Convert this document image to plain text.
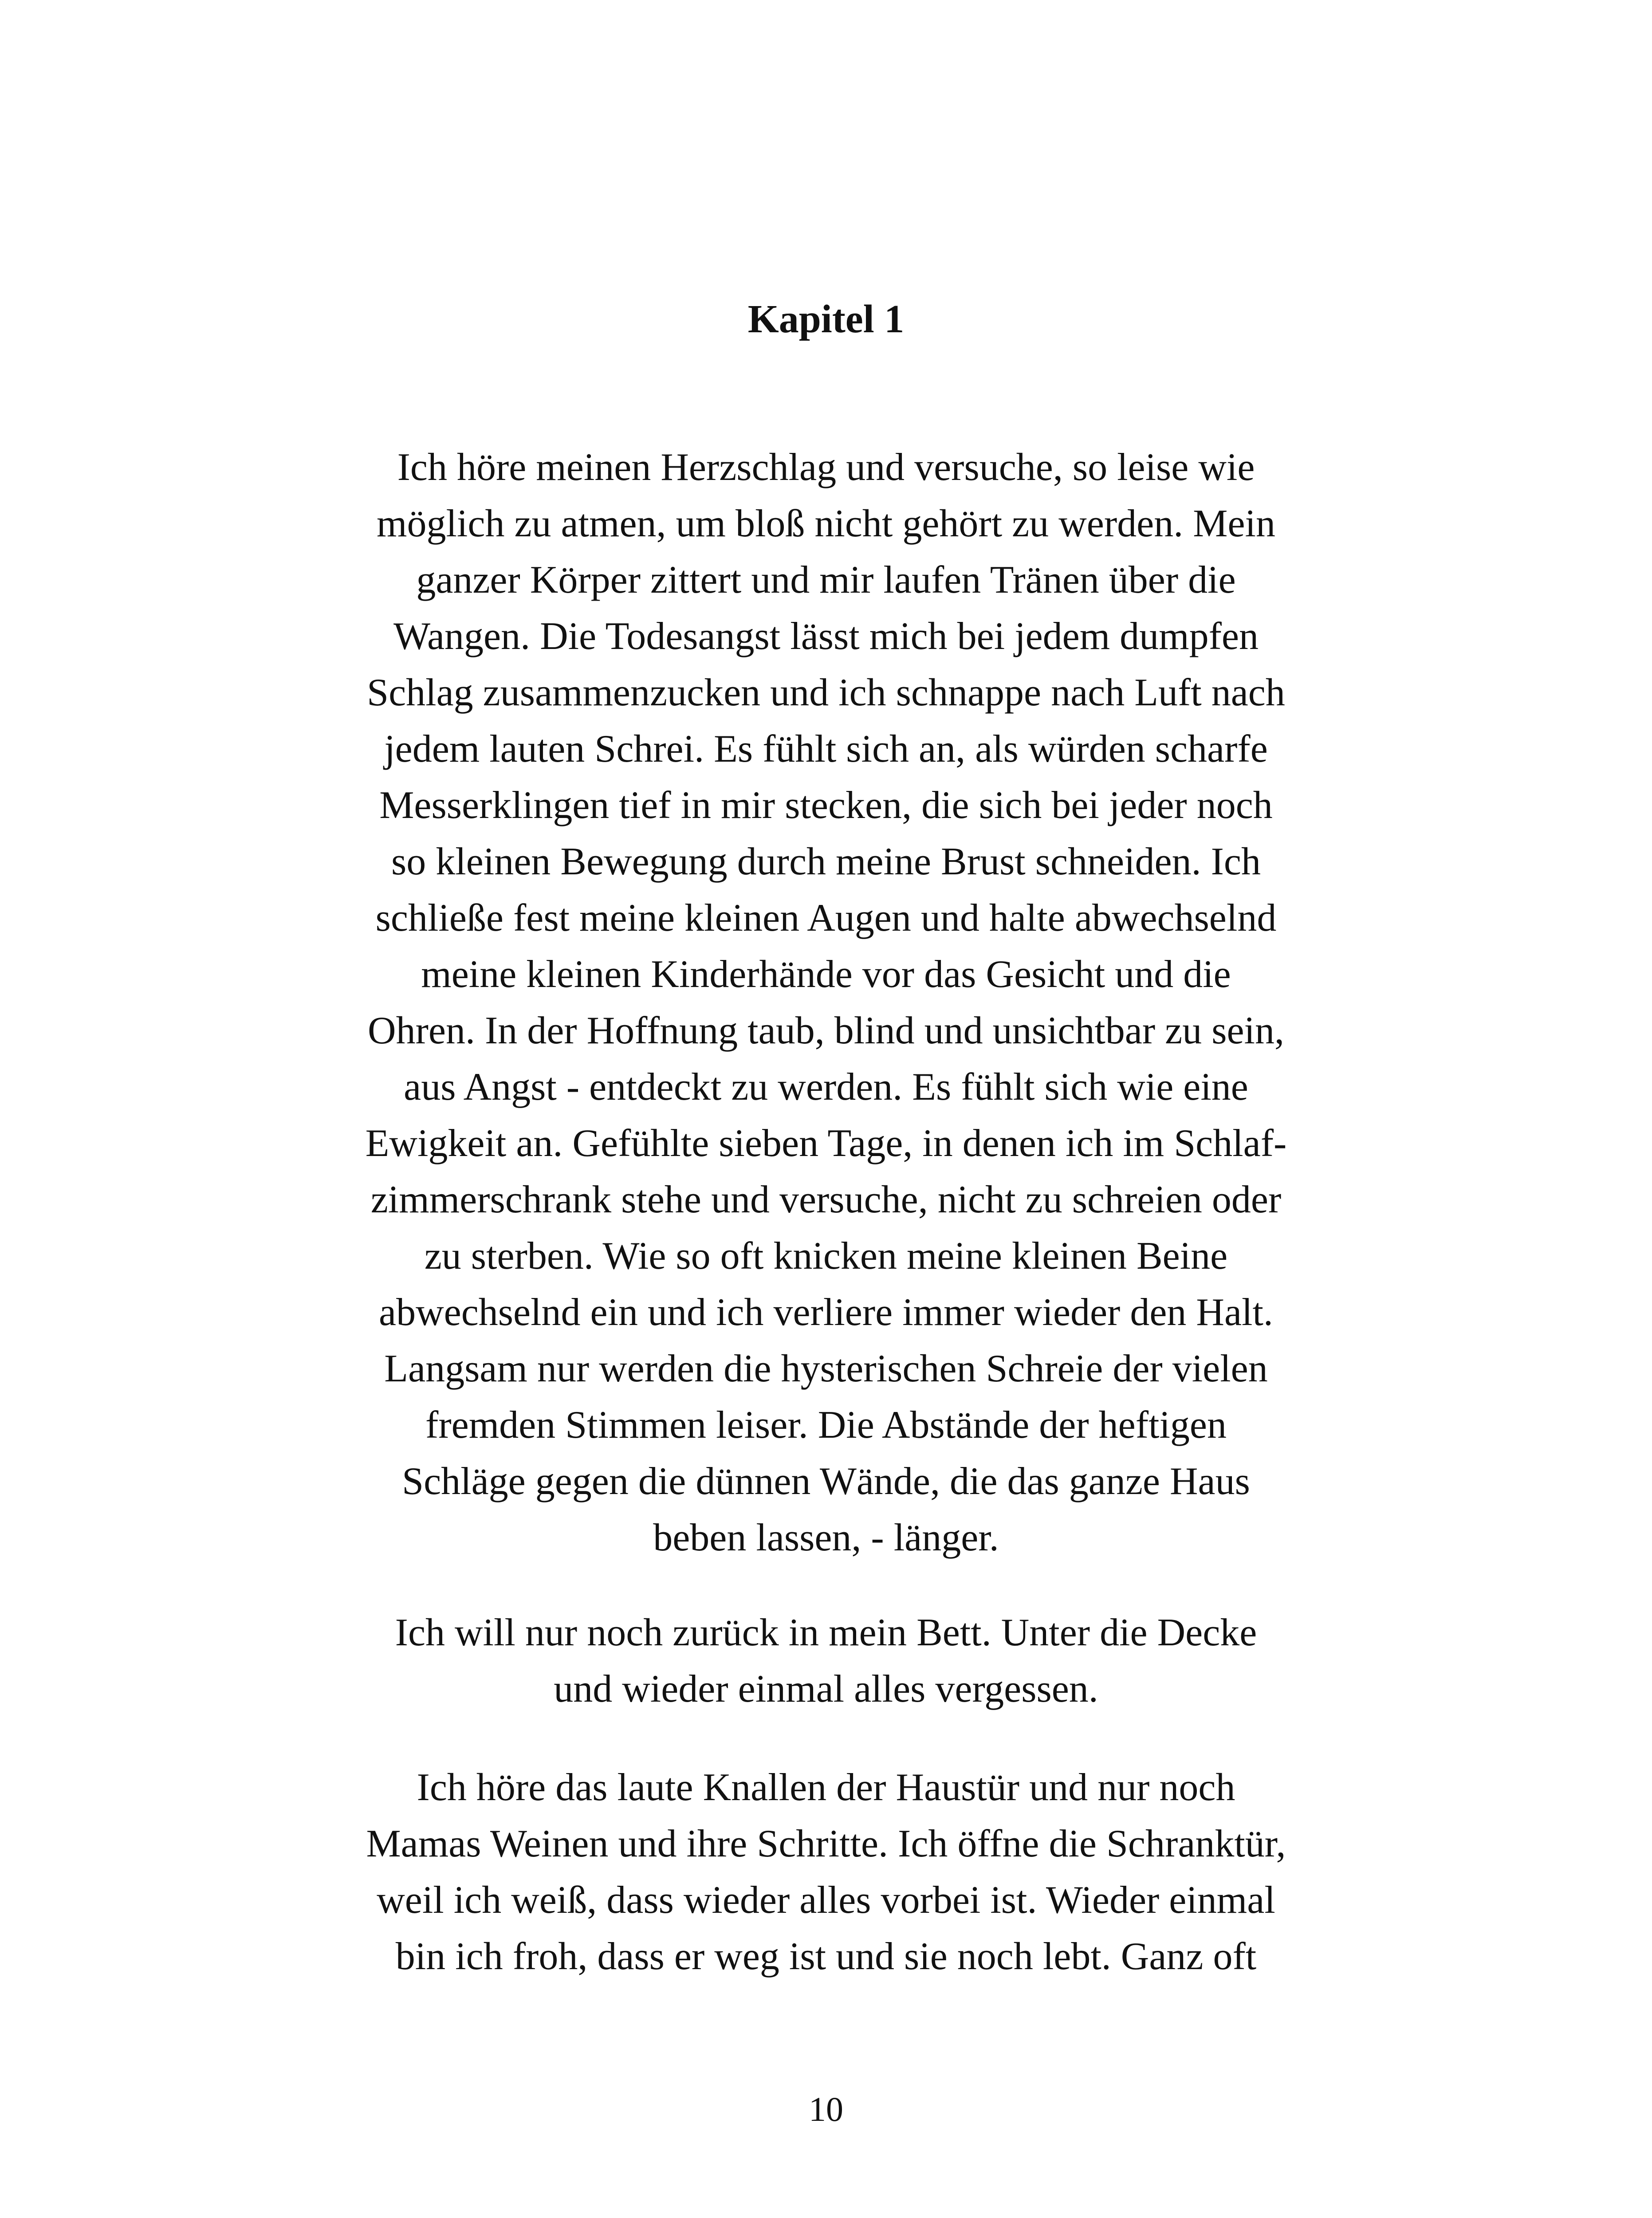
Kapitel 1
Ich höre meinen Herzschlag und versuche, so leise wie
möglich zu atmen, um bloß nicht gehört zu werden. Mein
ganzer Körper zittert und mir laufen Tränen über die
Wangen. Die Todesangst lässt mich bei jedem dumpfen
Schlag zusammenzucken und ich schnappe nach Luft nach
jedem lauten Schrei. Es fühlt sich an, als würden scharfe
Messerklingen tief in mir stecken, die sich bei jeder noch
so kleinen Bewegung durch meine Brust schneiden. Ich
schließe fest meine kleinen Augen und halte abwechselnd
meine kleinen Kinderhände vor das Gesicht und die
Ohren. In der Hoffnung taub, blind und unsichtbar zu sein,
aus Angst - entdeckt zu werden. Es fühlt sich wie eine
Ewigkeit an. Gefühlte sieben Tage, in denen ich im Schlaf-
zimmerschrank stehe und versuche, nicht zu schreien oder
zu sterben. Wie so oft knicken meine kleinen Beine
abwechselnd ein und ich verliere immer wieder den Halt.
Langsam nur werden die hysterischen Schreie der vielen
fremden Stimmen leiser. Die Abstände der heftigen
Schläge gegen die dünnen Wände, die das ganze Haus
beben lassen, - länger.
Ich will nur noch zurück in mein Bett. Unter die Decke
und wieder einmal alles vergessen.
Ich höre das laute Knallen der Haustür und nur noch
Mamas Weinen und ihre Schritte. Ich öffne die Schranktür,
weil ich weiß, dass wieder alles vorbei ist. Wieder einmal
bin ich froh, dass er weg ist und sie noch lebt. Ganz oft
10
